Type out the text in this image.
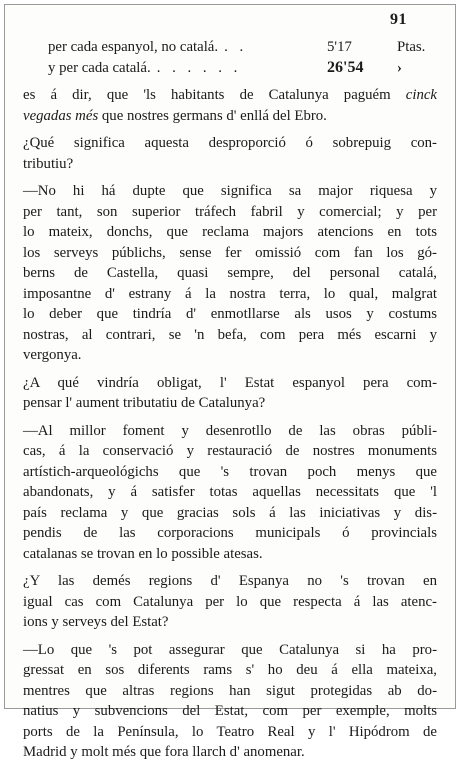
91
per cada espanyol, no catalá. . .	5'17	Ptas.
y per cada catalá. . . . . . .	26'54	›
es á dir, que 'ls habitants de Catalunya paguém cinck
vegadas més que nostres germans d' enllá del Ebro.
¿Qué significa aquesta desproporció ó sobrepuig con-
tributiu?
—No hi há dupte que significa sa major riquesa y
per tant, son superior tráfech fabril y comercial; y per
lo mateix, donchs, que reclama majors atencions en tots
los serveys públichs, sense fer omissió com fan los gó-
berns de Castella, quasi sempre, del personal catalá,
imposantne d' estrany á la nostra terra, lo qual, malgrat
lo deber que tindría d' enmotllarse als usos y costums
nostras, al contrari, se 'n befa, com pera més escarni y
vergonya.
¿A qué vindría obligat, l' Estat espanyol pera com-
pensar l' aument tributatiu de Catalunya?
—Al millor foment y desenrotllo de las obras públi-
cas, á la conservació y restauració de nostres monuments
artístich-arqueológichs que 's trovan poch menys que
abandonats, y á satisfer totas aquellas necessitats que 'l
país reclama y que gracias sols á las iniciativas y dis-
pendis de las corporacions municipals ó provincials
catalanas se trovan en lo possible atesas.
¿Y las demés regions d' Espanya no 's trovan en
igual cas com Catalunya per lo que respecta á las atenc-
ions y serveys del Estat?
—Lo que 's pot assegurar que Catalunya si ha pro-
gressat en sos diferents rams s' ho deu á ella mateixa,
mentres que altras regions han sigut protegidas ab do-
natius y subvencions del Estat, com per exemple, molts
ports de la Península, lo Teatro Real y l' Hipódrom de
Madrid y molt més que fora llarch d' anomenar.
